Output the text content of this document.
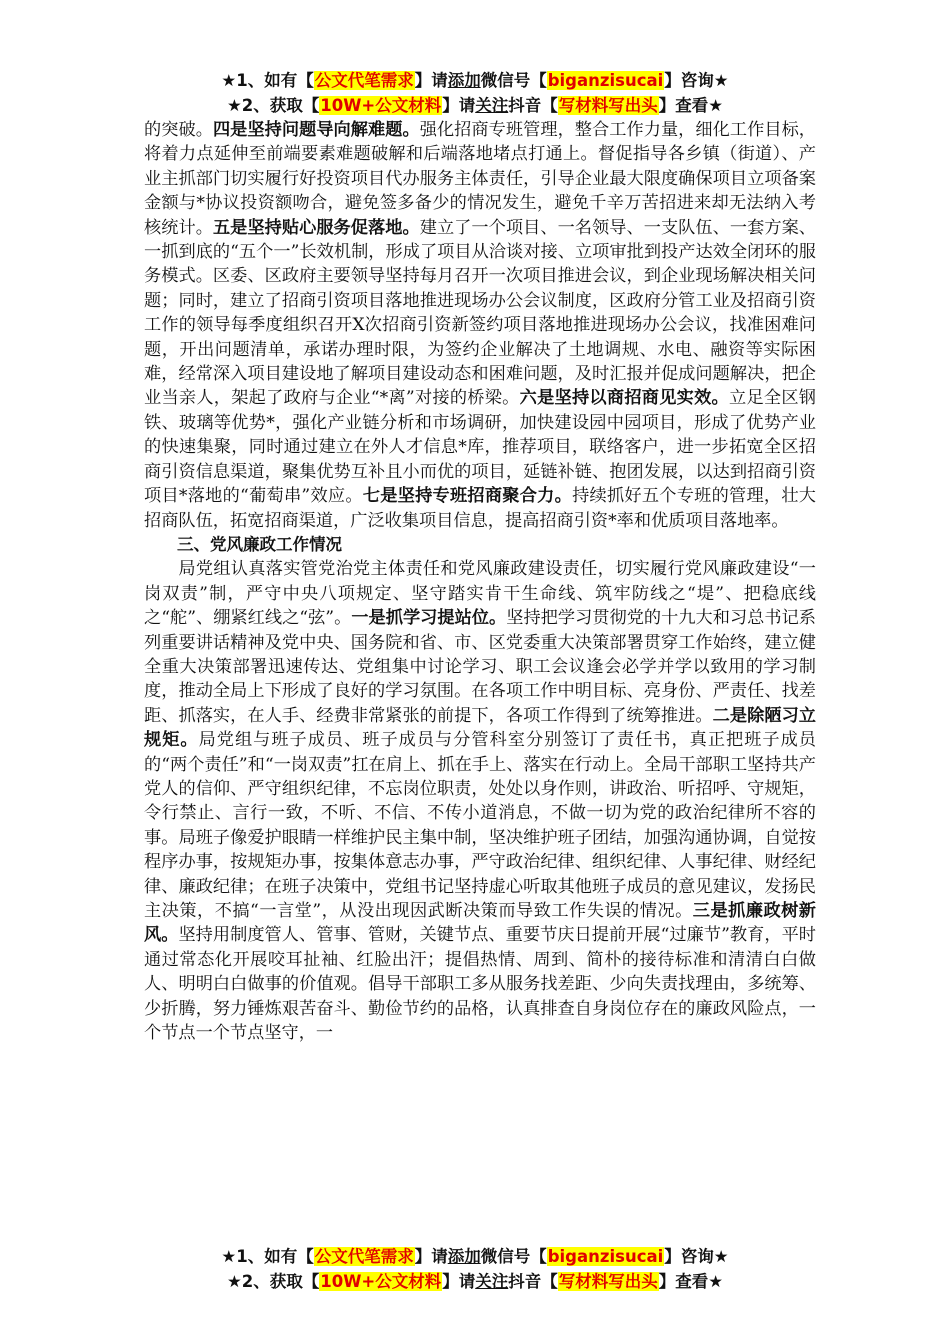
★1、如有【公文代笔需求】请添加微信号【biganzisucai】咨询★
★2、获取【10W+公文材料】请关注抖音【写材料写出头】查看★

的突破。四是坚持问题导向解难题。强化招商专班管理，整合工作力量，细化工作目标，将着力点延伸至前端要素难题破解和后端落地堵点打通上。督促指导各乡镇（街道）、产业主抓部门切实履行好投资项目代办服务主体责任，引导企业最大限度确保项目立项备案金额与*协议投资额吻合，避免签多备少的情况发生，避免千辛万苦招进来却无法纳入考核统计。五是坚持贴心服务促落地。建立了一个项目、一名领导、一支队伍、一套方案、一抓到底的“五个一”长效机制，形成了项目从洽谈对接、立项审批到投产达效全闭环的服务模式。区委、区政府主要领导坚持每月召开一次项目推进会议，到企业现场解决相关问题；同时，建立了招商引资项目落地推进现场办公会议制度，区政府分管工业及招商引资工作的领导每季度组织召开X次招商引资新签约项目落地推进现场办公会议，找准困难问题，开出问题清单，承诺办理时限，为签约企业解决了土地调规、水电、融资等实际困难，经常深入项目建设地了解项目建设动态和困难问题，及时汇报并促成问题解决，把企业当亲人，架起了政府与企业“*离”对接的桥梁。六是坚持以商招商见实效。立足全区钢铁、玻璃等优势*，强化产业链分析和市场调研，加快建设园中园项目，形成了优势产业的快速集聚，同时通过建立在外人才信息*库，推荐项目，联络客户，进一步拓宽全区招商引资信息渠道，聚集优势互补且小而优的项目，延链补链、抱团发展，以达到招商引资项目*落地的“葡萄串”效应。七是坚持专班招商聚合力。持续抓好五个专班的管理，壮大招商队伍，拓宽招商渠道，广泛收集项目信息，提高招商引资*率和优质项目落地率。

三、党风廉政工作情况

局党组认真落实管党治党主体责任和党风廉政建设责任，切实履行党风廉政建设“一岗双责”制，严守中央八项规定、坚守踏实肯干生命线、筑牢防线之“堤”、把稳底线之“舵”、绷紧红线之“弦”。一是抓学习提站位。坚持把学习贯彻党的十九大和习总书记系列重要讲话精神及党中央、国务院和省、市、区党委重大决策部署贯穿工作始终，建立健全重大决策部署迅速传达、党组集中讨论学习、职工会议逢会必学并学以致用的学习制度，推动全局上下形成了良好的学习氛围。在各项工作中明目标、亮身份、严责任、找差距、抓落实，在人手、经费非常紧张的前提下，各项工作得到了统筹推进。二是除陋习立规矩。局党组与班子成员、班子成员与分管科室分别签订了责任书，真正把班子成员的“两个责任”和“一岗双责”扛在肩上、抓在手上、落实在行动上。全局干部职工坚持共产党人的信仰、严守组织纪律，不忘岗位职责，处处以身作则，讲政治、听招呼、守规矩，令行禁止、言行一致，不听、不信、不传小道消息，不做一切为党的政治纪律所不容的事。局班子像爱护眼睛一样维护民主集中制，坚决维护班子团结，加强沟通协调，自觉按程序办事，按规矩办事，按集体意志办事，严守政治纪律、组织纪律、人事纪律、财经纪律、廉政纪律；在班子决策中，党组书记坚持虚心听取其他班子成员的意见建议，发扬民主决策，不搞“一言堂”，从没出现因武断决策而导致工作失误的情况。三是抓廉政树新风。坚持用制度管人、管事、管财，关键节点、重要节庆日提前开展“过廉节”教育，平时通过常态化开展咬耳扯袖、红脸出汗；提倡热情、周到、简朴的接待标准和清清白白做人、明明白白做事的价值观。倡导干部职工多从服务找差距、少向失责找理由，多统筹、少折腾，努力锤炼艰苦奋斗、勤俭节约的品格，认真排查自身岗位存在的廉政风险点，一个节点一个节点坚守，一

★1、如有【公文代笔需求】请添加微信号【biganzisucai】咨询★
★2、获取【10W+公文材料】请关注抖音【写材料写出头】查看★
